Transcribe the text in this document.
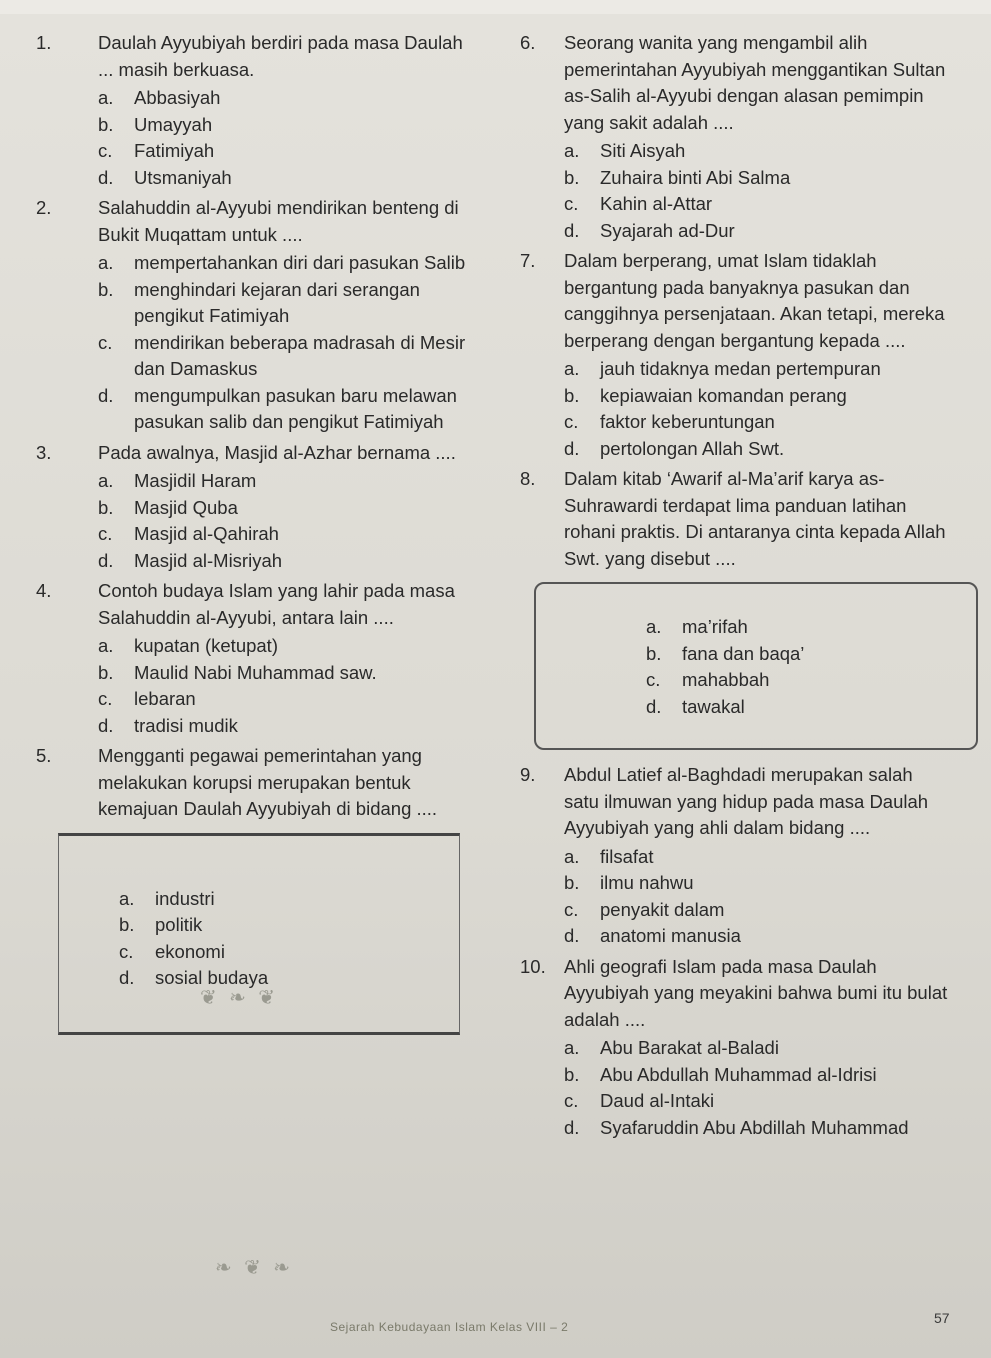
1.	Daulah Ayyubiyah berdiri pada masa Daulah ... masih berkuasa.
a. Abbasiyah
b. Umayyah
c. Fatimiyah
d. Utsmaniyah
2.	Salahuddin al-Ayyubi mendirikan benteng di Bukit Muqattam untuk ....
a. mempertahankan diri dari pasukan Salib
b. menghindari kejaran dari serangan pengikut Fatimiyah
c. mendirikan beberapa madrasah di Mesir dan Damaskus
d. mengumpulkan pasukan baru melawan pasukan salib dan pengikut Fatimiyah
3.	Pada awalnya, Masjid al-Azhar bernama ....
a. Masjidil Haram
b. Masjid Quba
c. Masjid al-Qahirah
d. Masjid al-Misriyah
4.	Contoh budaya Islam yang lahir pada masa Salahuddin al-Ayyubi, antara lain ....
a. kupatan (ketupat)
b. Maulid Nabi Muhammad saw.
c. lebaran
d. tradisi mudik
5.	Mengganti pegawai pemerintahan yang melakukan korupsi merupakan bentuk kemajuan Daulah Ayyubiyah di bidang ....
a. industri
b. politik
c. ekonomi
d. sosial budaya
6.	Seorang wanita yang mengambil alih pemerintahan Ayyubiyah menggantikan Sultan as-Salih al-Ayyubi dengan alasan pemimpin yang sakit adalah ....
a. Siti Aisyah
b. Zuhaira binti Abi Salma
c. Kahin al-Attar
d. Syajarah ad-Dur
7.	Dalam berperang, umat Islam tidaklah bergantung pada banyaknya pasukan dan canggihnya persenjataan. Akan tetapi, mereka berperang dengan bergantung kepada ....
a. jauh tidaknya medan pertempuran
b. kepiawaian komandan perang
c. faktor keberuntungan
d. pertolongan Allah Swt.
8.	Dalam kitab ‘Awarif al-Ma’arif karya as-Suhrawardi terdapat lima panduan latihan rohani praktis. Di antaranya cinta kepada Allah Swt. yang disebut ....
a. ma’rifah
b. fana dan baqa’
c. mahabbah
d. tawakal
9.	Abdul Latief al-Baghdadi merupakan salah satu ilmuwan yang hidup pada masa Daulah Ayyubiyah yang ahli dalam bidang ....
a. filsafat
b. ilmu nahwu
c. penyakit dalam
d. anatomi manusia
10. Ahli geografi Islam pada masa Daulah Ayyubiyah yang meyakini bahwa bumi itu bulat adalah ....
a. Abu Barakat al-Baladi
b. Abu Abdullah Muhammad al-Idrisi
c. Daud al-Intaki
d. Syafaruddin Abu Abdillah Muhammad
❦ ❧ ❦
❧ ❦ ❧
Sejarah Kebudayaan Islam Kelas VIII – 2
57
